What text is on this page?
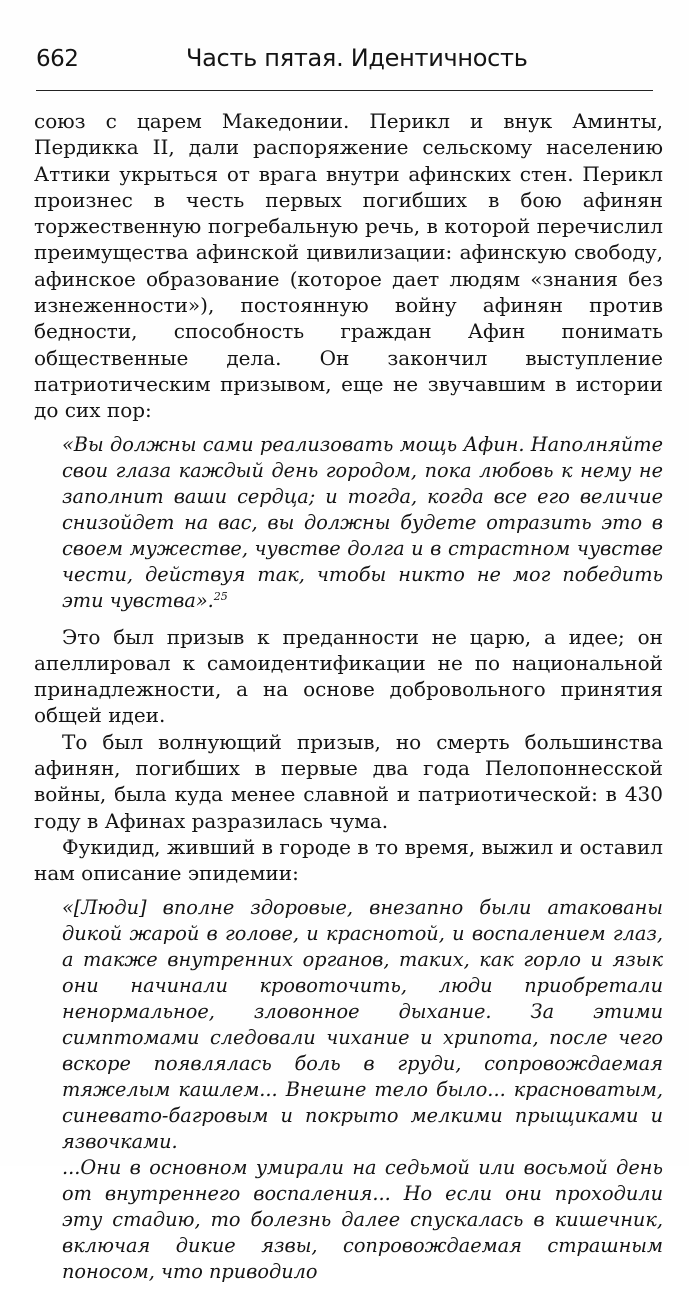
662	Часть пятая. Идентичность

союз с царем Македонии. Перикл и внук Аминты, Пердикка II, дали распоряжение сельскому населению Аттики укрыться от врага внутри афинских стен. Перикл произнес в честь первых погибших в бою афинян торжественную погребальную речь, в которой перечислил преимущества афинской цивилизации: афинскую свободу, афинское образование (которое дает людям «знания без изнеженности»), постоянную войну афинян против бедности, способность граждан Афин понимать общественные дела. Он закончил выступление патриотическим призывом, еще не звучавшим в истории до сих пор:

«Вы должны сами реализовать мощь Афин. Наполняйте свои глаза каждый день городом, пока любовь к нему не заполнит ваши сердца; и тогда, когда все его величие снизойдет на вас, вы должны будете отразить это в своем мужестве, чувстве долга и в страстном чувстве чести, действуя так, чтобы никто не мог победить эти чувства».$^{25}$

Это был призыв к преданности не царю, а идее; он апеллировал к самоидентификации не по национальной принадлежности, а на основе добровольного принятия общей идеи.

То был волнующий призыв, но смерть большинства афинян, погибших в первые два года Пелопоннесской войны, была куда менее славной и патриотической: в 430 году в Афинах разразилась чума.

Фукидид, живший в городе в то время, выжил и оставил нам описание эпидемии:

«[Люди] вполне здоровые, внезапно были атакованы дикой жарой в голове, и краснотой, и воспалением глаз, а также внутренних органов, таких, как горло и язык они начинали кровоточить, люди приобретали ненормальное, зловонное дыхание. За этими симптомами следовали чихание и хрипота, после чего вскоре появлялась боль в груди, сопровождаемая тяжелым кашлем... Внешне тело было... красноватым, синевато-багровым и покрыто мелкими прыщиками и язвочками.

...Они в основном умирали на седьмой или восьмой день от внутреннего воспаления... Но если они проходили эту стадию, то болезнь далее спускалась в кишечник, включая дикие язвы, сопровождаемая страшным поносом, что приводило
